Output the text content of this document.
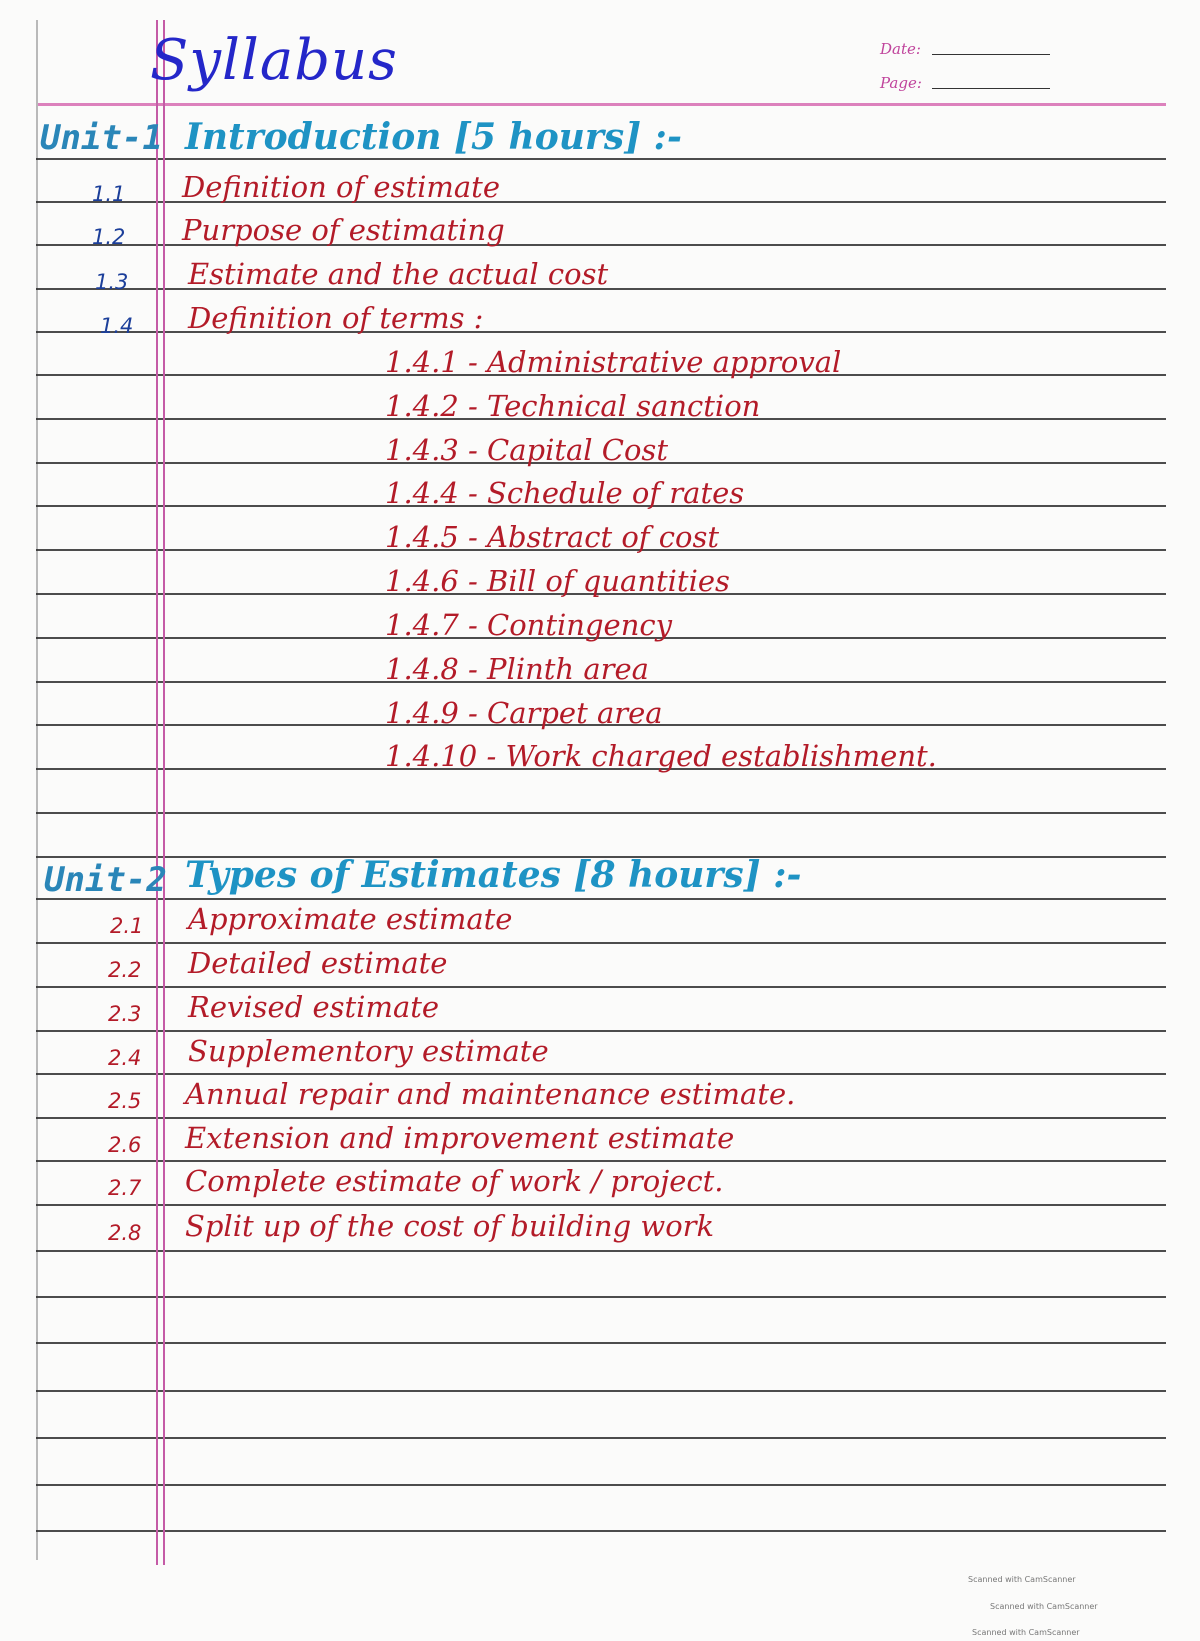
Syllabus	Date:
Page:
Unit-1 Introduction [5 hours] :-
1.1 Definition of estimate
1.2 Purpose of estimating
1.3 Estimate and the actual cost
1.4 Definition of terms :
1.4.1 - Administrative approval
1.4.2 - Technical sanction
1.4.3 - Capital Cost
1.4.4 - Schedule of rates
1.4.5 - Abstract of cost
1.4.6 - Bill of quantities
1.4.7 - Contingency
1.4.8 - Plinth area
1.4.9 - Carpet area
1.4.10 - Work charged establishment.
Unit-2 Types of Estimates [8 hours] :-
2.1 Approximate estimate
2.2 Detailed estimate
2.3 Revised estimate
2.4 Supplementory estimate
2.5 Annual repair and maintenance estimate.
2.6 Extension and improvement estimate
2.7 Complete estimate of work / project.
2.8 Split up of the cost of building work
Scanned with CamScanner
Scanned with CamScanner
Scanned with CamScanner
